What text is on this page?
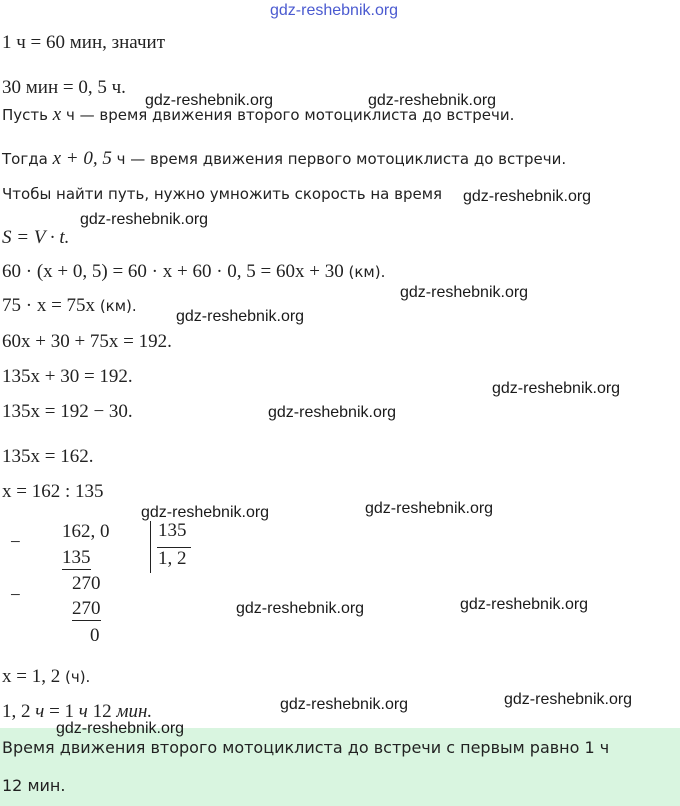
gdz-reshebnik.org
1 ч = 60 мин, значит
30 мин = 0, 5 ч.
Пусть x ч — время движения второго мотоциклиста до встречи.
Тогда x + 0, 5 ч — время движения первого мотоциклиста до встречи.
Чтобы найти путь, нужно умножить скорость на время
S = V · t.
60 · (x + 0, 5) = 60 · x + 60 · 0, 5 = 60x + 30 (км).
75 · x = 75x (км).
60x + 30 + 75x = 192.
135x + 30 = 192.
135x = 192 − 30.
135x = 162.
x = 162 : 135
−
162, 0
135
135
1, 2
−
270
270
0
x = 1, 2 (ч).
1, 2 ч = 1 ч 12 мин.
Время движения второго мотоциклиста до встречи с первым равно 1 ч
12 мин.
gdz-reshebnik.org	gdz-reshebnik.org
gdz-reshebnik.org
gdz-reshebnik.org
gdz-reshebnik.org
gdz-reshebnik.org
gdz-reshebnik.org
gdz-reshebnik.org
gdz-reshebnik.org
gdz-reshebnik.org
gdz-reshebnik.org
gdz-reshebnik.org
gdz-reshebnik.org
gdz-reshebnik.org
gdz-reshebnik.org
